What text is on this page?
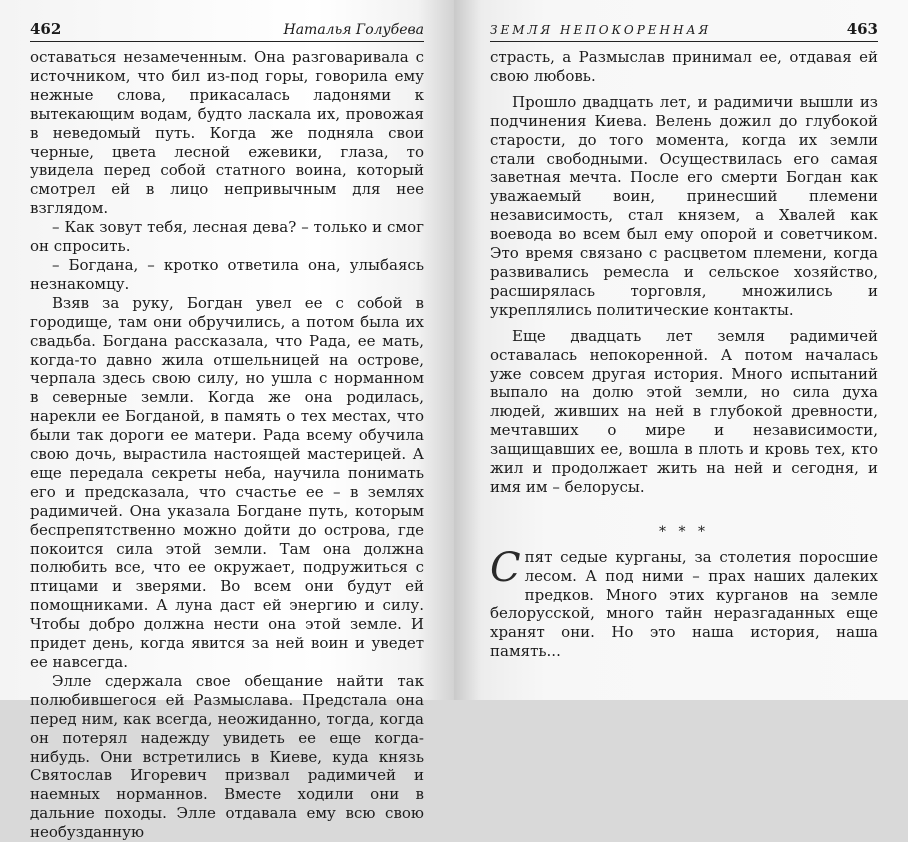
462	Наталья Голубева

оставаться незамеченным. Она разговаривала с источником, что бил из-под горы, говорила ему нежные слова, прикасалась ладонями к вытекающим водам, будто ласкала их, провожая в неведомый путь. Когда же подняла свои черные, цвета лесной ежевики, глаза, то увидела перед собой статного воина, который смотрел ей в лицо непривычным для нее взглядом.

– Как зовут тебя, лесная дева? – только и смог он спросить.

– Богдана, – кротко ответила она, улыбаясь незнакомцу.

Взяв за руку, Богдан увел ее с собой в городище, там они обручились, а потом была их свадьба. Богдана рассказала, что Рада, ее мать, когда-то давно жила отшельницей на острове, черпала здесь свою силу, но ушла с норманном в северные земли. Когда же она родилась, нарекли ее Богданой, в память о тех местах, что были так дороги ее матери. Рада всему обучила свою дочь, вырастила настоящей мастерицей. А еще передала секреты неба, научила понимать его и предсказала, что счастье ее – в землях радимичей. Она указала Богдане путь, которым беспрепятственно можно дойти до острова, где покоится сила этой земли. Там она должна полюбить все, что ее окружает, подружиться с птицами и зверями. Во всем они будут ей помощниками. А луна даст ей энергию и силу. Чтобы добро должна нести она этой земле. И придет день, когда явится за ней воин и уведет ее навсегда.

Элле сдержала свое обещание найти так полюбившегося ей Размыслава. Предстала она перед ним, как всегда, неожиданно, тогда, когда он потерял надежду увидеть ее еще когда-нибудь. Они встретились в Киеве, куда князь Святослав Игоревич призвал радимичей и наемных норманнов. Вместе ходили они в дальние походы. Элле отдавала ему всю свою необузданную

ЗЕМЛЯ НЕПОКОРЕННАЯ	463

страсть, а Размыслав принимал ее, отдавая ей свою любовь.

Прошло двадцать лет, и радимичи вышли из подчинения Киева. Велень дожил до глубокой старости, до того момента, когда их земли стали свободными. Осуществилась его самая заветная мечта. После его смерти Богдан как уважаемый воин, принесший племени независимость, стал князем, а Хвалей как воевода во всем был ему опорой и советчиком. Это время связано с расцветом племени, когда развивались ремесла и сельское хозяйство, расширялась торговля, множились и укреплялись политические контакты.

Еще двадцать лет земля радимичей оставалась непокоренной. А потом началась уже совсем другая история. Много испытаний выпало на долю этой земли, но сила духа людей, живших на ней в глубокой древности, мечтавших о мире и независимости, защищавших ее, вошла в плоть и кровь тех, кто жил и продолжает жить на ней и сегодня, и имя им – белорусы.

* * *

Спят седые курганы, за столетия поросшие лесом. А под ними – прах наших далеких предков. Много этих курганов на земле белорусской, много тайн неразгаданных еще хранят они. Но это наша история, наша память...
